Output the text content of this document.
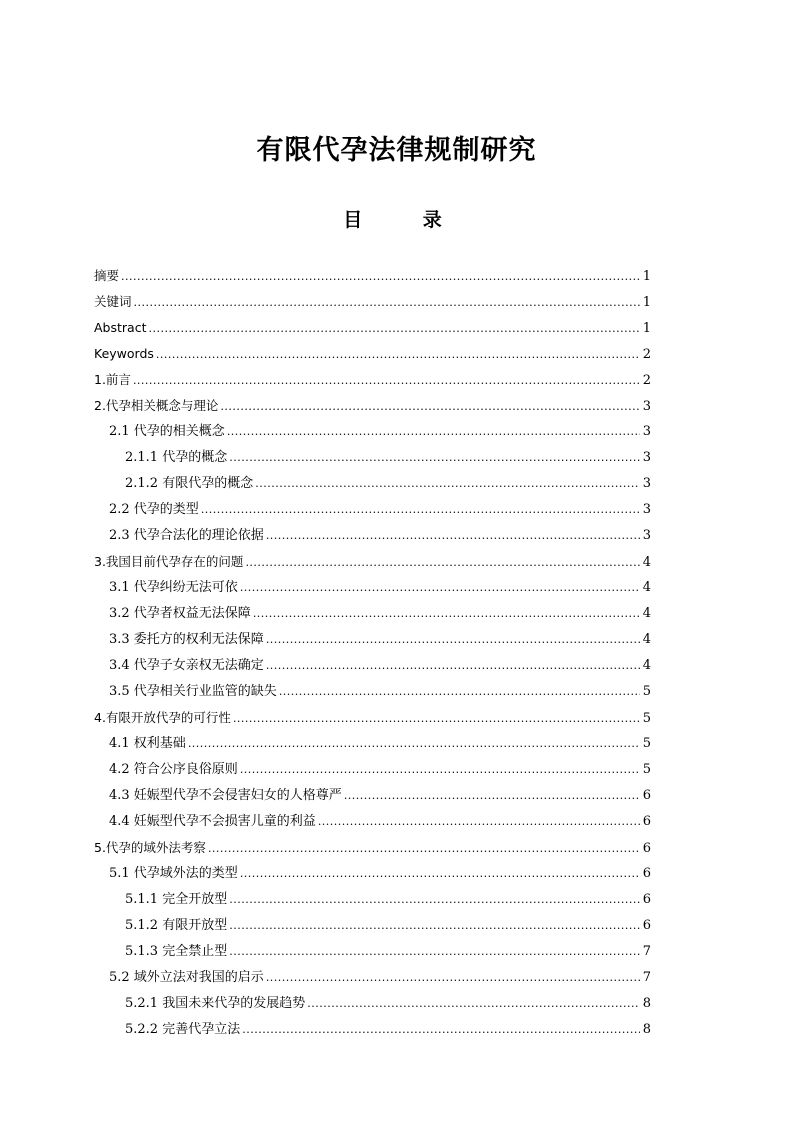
有限代孕法律规制研究
目 录
摘要 .....	1
关键词 .....	1
Abstract .....	1
Keywords .....	2
1.前言 .....	2
2.代孕相关概念与理论 .....	3
2.1 代孕的相关概念 .....	3
2.1.1 代孕的概念 .....	3
2.1.2 有限代孕的概念 .....	3
2.2 代孕的类型 .....	3
2.3 代孕合法化的理论依据 .....	3
3.我国目前代孕存在的问题 .....	4
3.1 代孕纠纷无法可依 .....	4
3.2 代孕者权益无法保障 .....	4
3.3 委托方的权利无法保障 .....	4
3.4 代孕子女亲权无法确定 .....	4
3.5 代孕相关行业监管的缺失 .....	5
4.有限开放代孕的可行性 .....	5
4.1 权利基础 .....	5
4.2 符合公序良俗原则 .....	5
4.3 妊娠型代孕不会侵害妇女的人格尊严 .....	6
4.4 妊娠型代孕不会损害儿童的利益 .....	6
5.代孕的域外法考察 .....	6
5.1 代孕域外法的类型 .....	6
5.1.1 完全开放型 .....	6
5.1.2 有限开放型 .....	6
5.1.3 完全禁止型 .....	7
5.2 域外立法对我国的启示 .....	7
5.2.1 我国未来代孕的发展趋势 .....	8
5.2.2 完善代孕立法 .....	8
